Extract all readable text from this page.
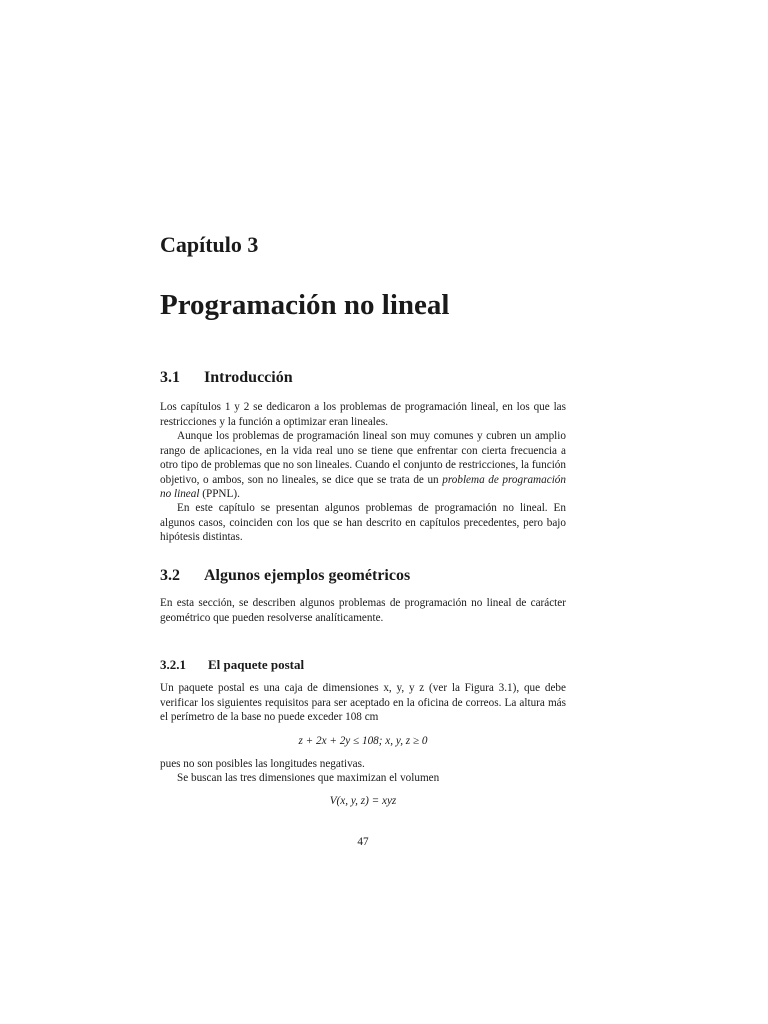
Capítulo 3
Programación no lineal
3.1 Introducción

Los capítulos 1 y 2 se dedicaron a los problemas de programación lineal, en los que las restricciones y la función a optimizar eran lineales.

Aunque los problemas de programación lineal son muy comunes y cubren un amplio rango de aplicaciones, en la vida real uno se tiene que enfrentar con cierta frecuencia a otro tipo de problemas que no son lineales. Cuando el conjunto de restricciones, la función objetivo, o ambos, son no lineales, se dice que se trata de un problema de programación no lineal (PPNL).

En este capítulo se presentan algunos problemas de programación no lineal. En algunos casos, coinciden con los que se han descrito en capítulos precedentes, pero bajo hipótesis distintas.

3.2 Algunos ejemplos geométricos

En esta sección, se describen algunos problemas de programación no lineal de carácter geométrico que pueden resolverse analíticamente.

3.2.1 El paquete postal

Un paquete postal es una caja de dimensiones x, y, y z (ver la Figura 3.1), que debe verificar los siguientes requisitos para ser aceptado en la oficina de correos. La altura más el perímetro de la base no puede exceder 108 cm

z + 2x + 2y ≤ 108; x, y, z ≥ 0

pues no son posibles las longitudes negativas.

Se buscan las tres dimensiones que maximizan el volumen

V(x, y, z) = xyz
47
